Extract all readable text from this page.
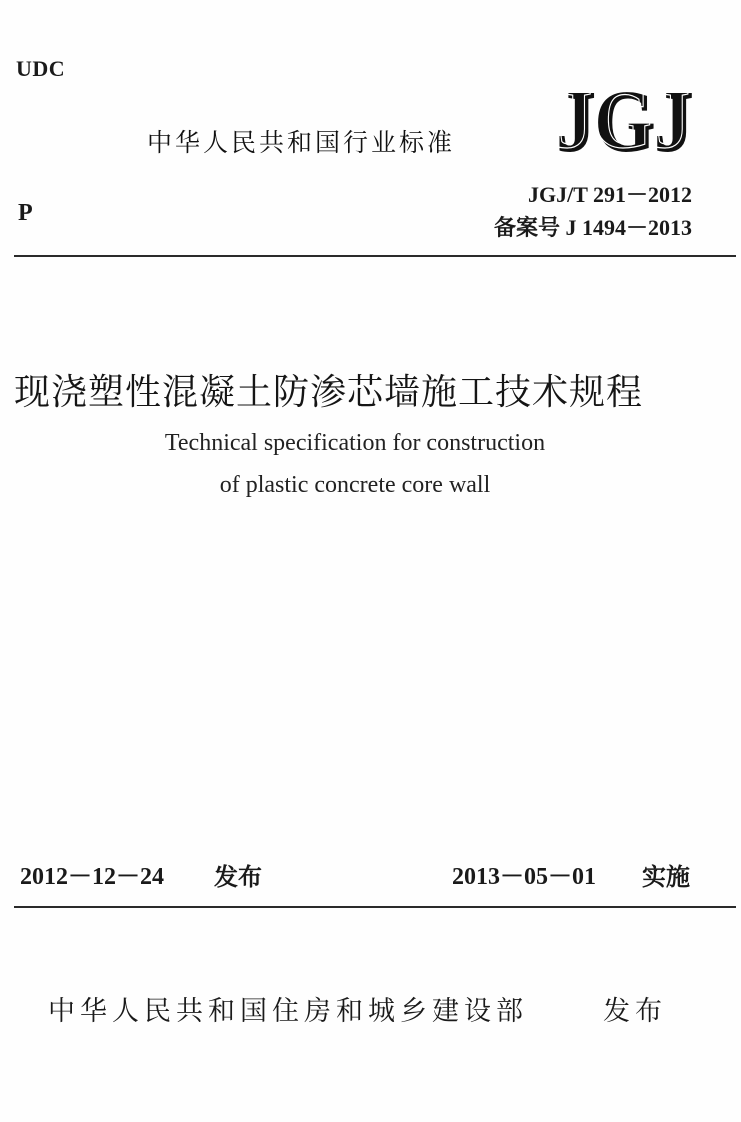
UDC
中华人民共和国行业标准 JGJ
JGJ
JGJ/T 291－2012
P
备案号 J 1494－2013
现浇塑性混凝土防渗芯墙施工技术规程
Technical specification for construction
of plastic concrete core wall
2012－12－24 发布	2013－05－01 实施
中华人民共和国住房和城乡建设部	发布
